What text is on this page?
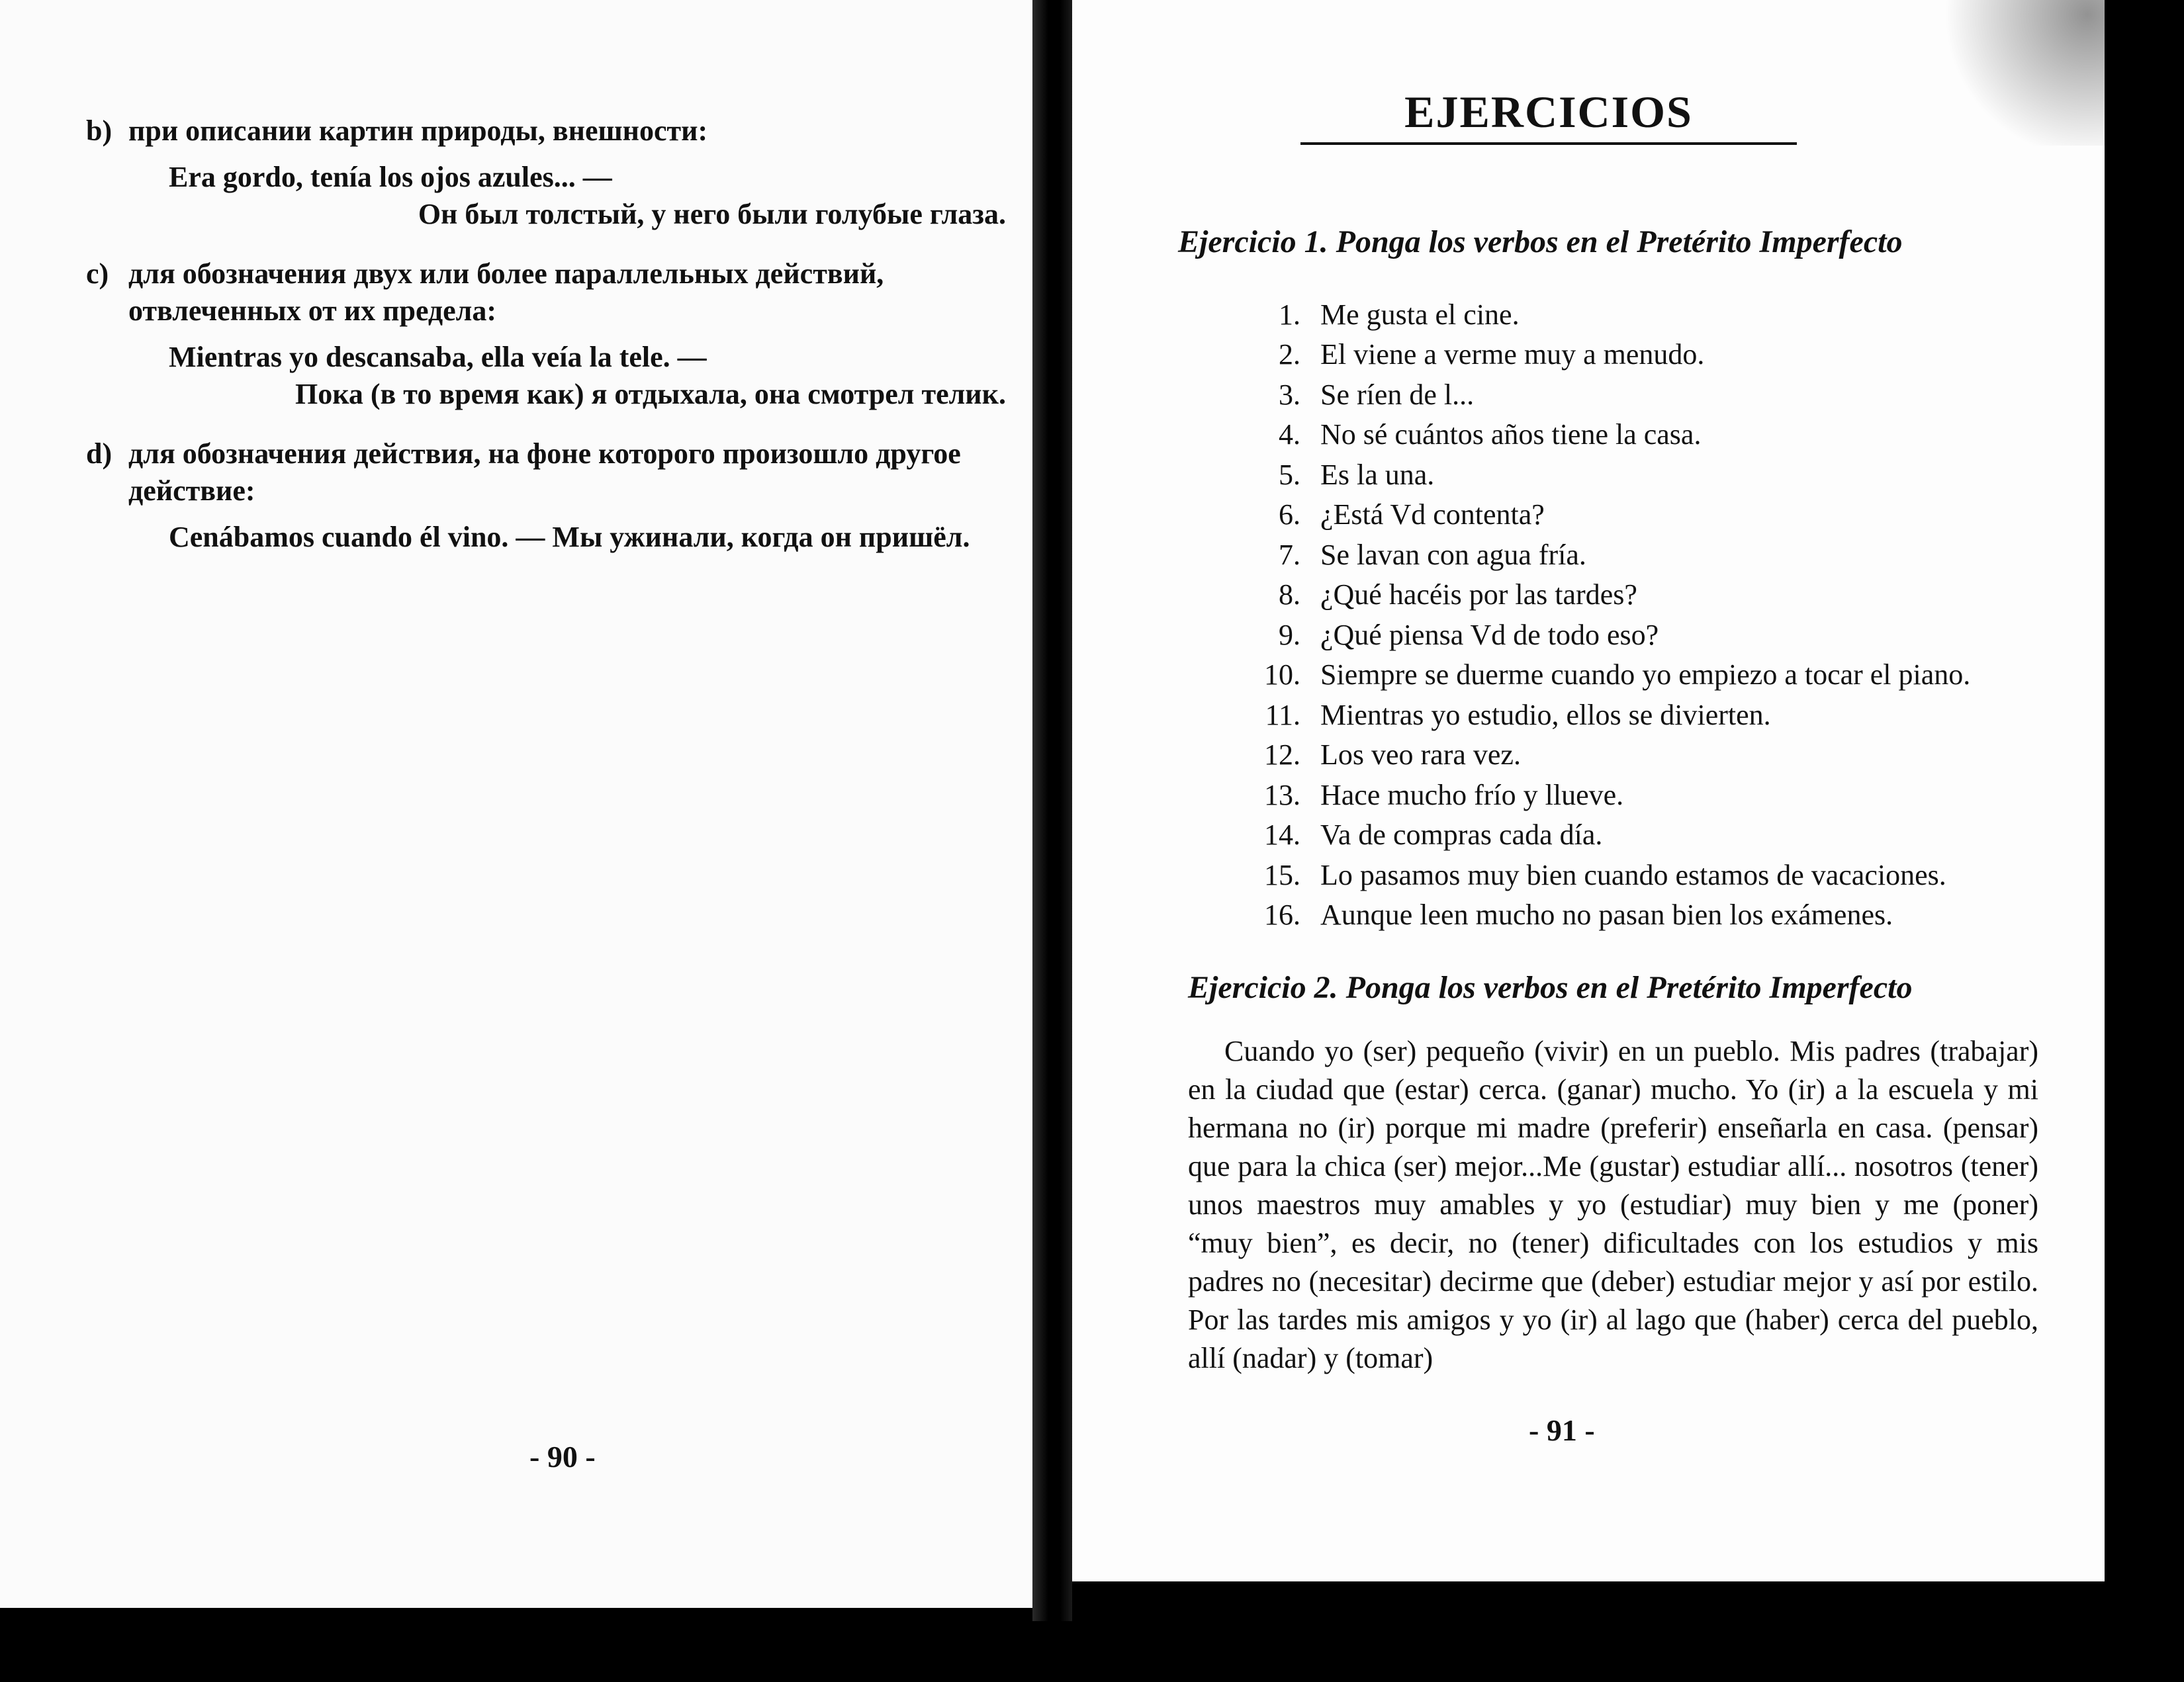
b) при описании картин природы, внешности:
Era gordo, tenía los ojos azules... —
Он был толстый, у него были голубые глаза.
c) для обозначения двух или более параллельных действий, отвлеченных от их предела:
Mientras yo descansaba, ella veía la tele. —
Пока (в то время как) я отдыхала, она смотрел телик.
d) для обозначения действия, на фоне которого произошло другое действие:
Cenábamos cuando él vino. — Мы ужинали, когда он пришёл.
- 90 -
EJERCICIOS
Ejercicio 1. Ponga los verbos en el Pretérito Imperfecto
1. Me gusta el cine.
2. El viene a verme muy a menudo.
3. Se ríen de l...
4. No sé cuántos años tiene la casa.
5. Es la una.
6. ¿Está Vd contenta?
7. Se lavan con agua fría.
8. ¿Qué hacéis por las tardes?
9. ¿Qué piensa Vd de todo eso?
10. Siempre se duerme cuando yo empiezo a tocar el piano.
11. Mientras yo estudio, ellos se divierten.
12. Los veo rara vez.
13. Hace mucho frío y llueve.
14. Va de compras cada día.
15. Lo pasamos muy bien cuando estamos de vacaciones.
16. Aunque leen mucho no pasan bien los exámenes.
Ejercicio 2. Ponga los verbos en el Pretérito Imperfecto

Cuando yo (ser) pequeño (vivir) en un pueblo. Mis padres (trabajar) en la ciudad que (estar) cerca. (ganar) mucho. Yo (ir) a la escuela y mi hermana no (ir) porque mi madre (preferir) enseñarla en casa. (pensar) que para la chica (ser) mejor...Me (gustar) estudiar allí... nosotros (tener) unos maestros muy amables y yo (estudiar) muy bien y me (poner) “muy bien”, es decir, no (tener) dificultades con los estudios y mis padres no (necesitar) decirme que (deber) estudiar mejor y así por estilo. Por las tardes mis amigos y yo (ir) al lago que (haber) cerca del pueblo, allí (nadar) y (tomar)

- 91 -
